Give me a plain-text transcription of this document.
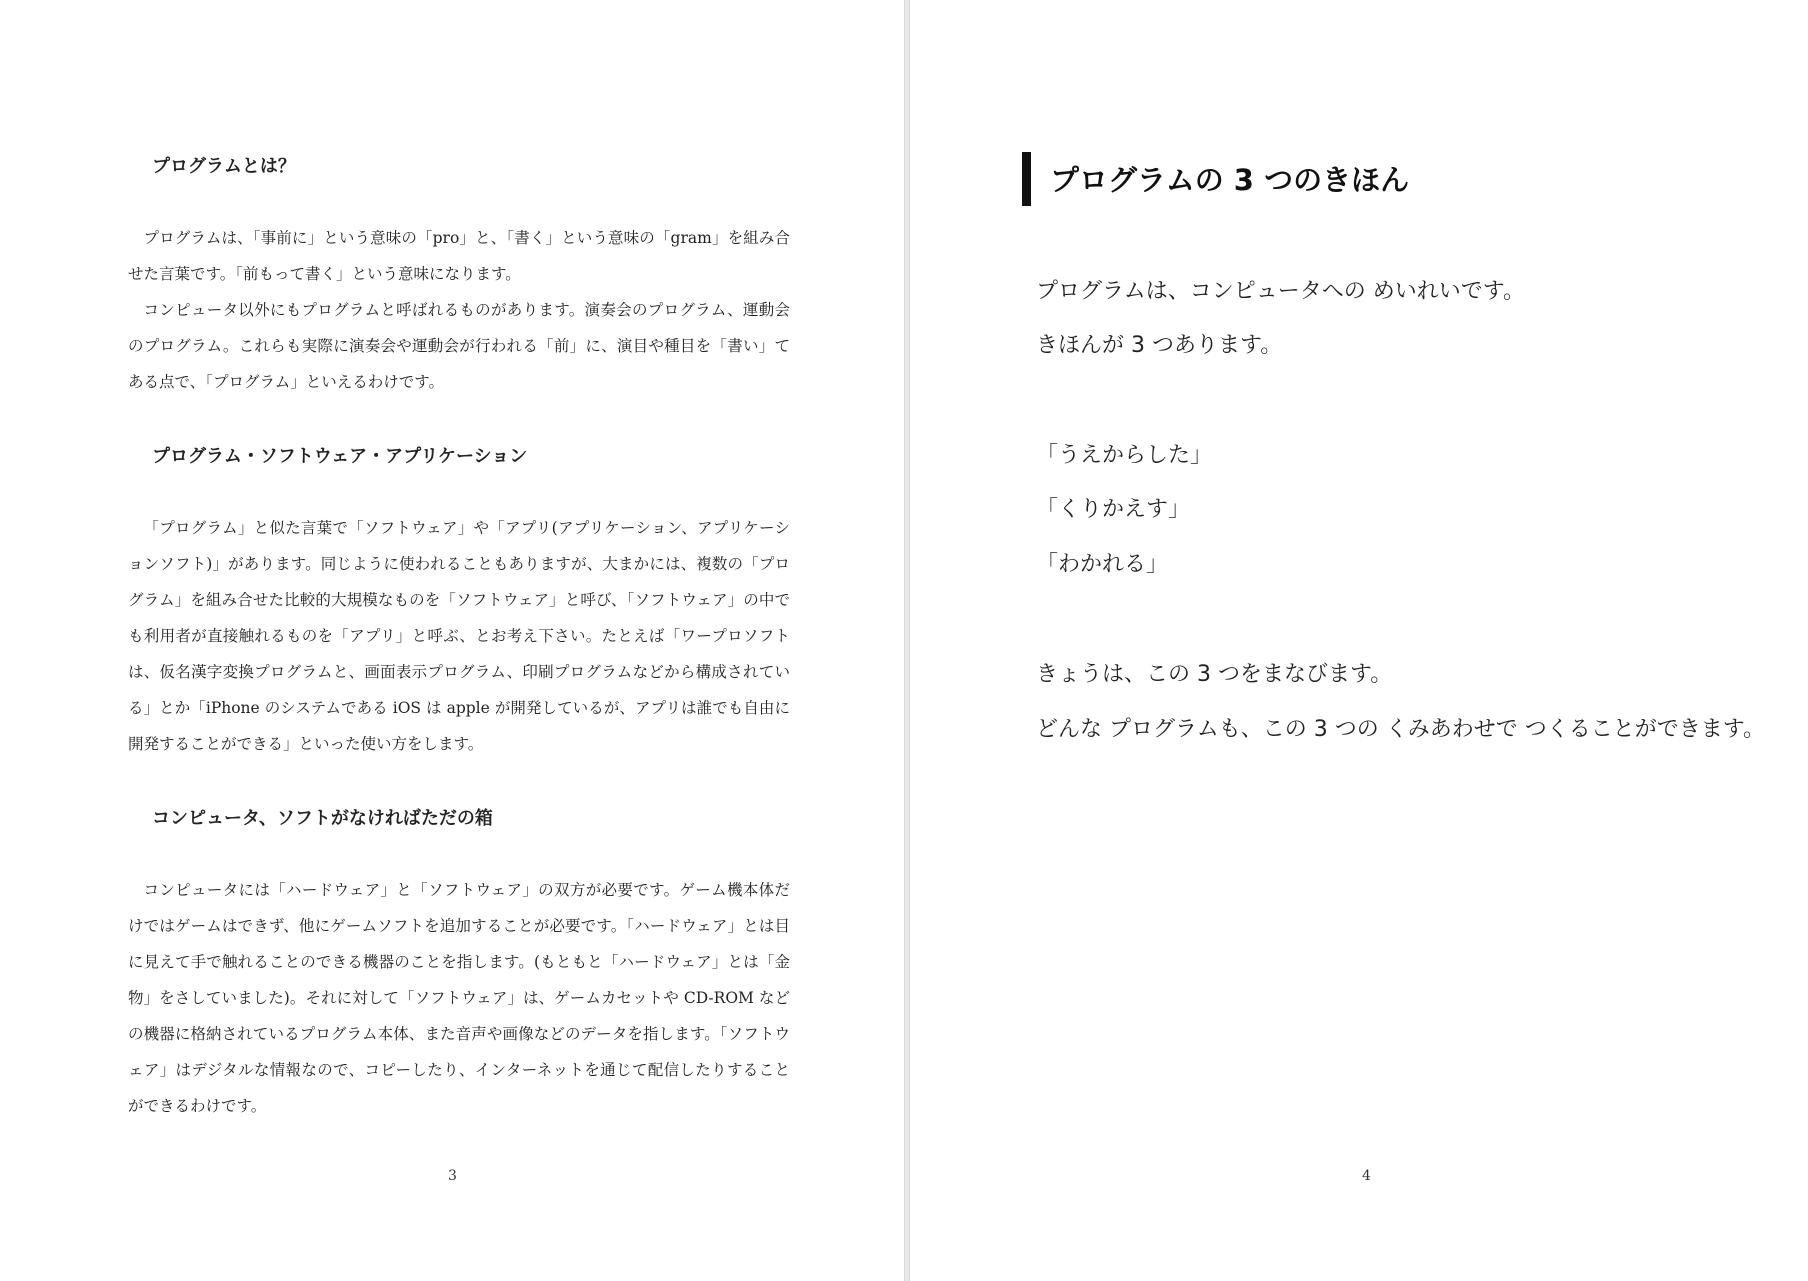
プログラムとは？

プログラムは、「事前に」という意味の「pro」と、「書く」という意味の「gram」を組み合せた言葉です。「前もって書く」という意味になります。

コンピュータ以外にもプログラムと呼ばれるものがあります。演奏会のプログラム、運動会のプログラム。これらも実際に演奏会や運動会が行われる「前」に、演目や種目を「書い」てある点で、「プログラム」といえるわけです。

プログラム・ソフトウェア・アプリケーション

「プログラム」と似た言葉で「ソフトウェア」や「アプリ(アプリケーション、アプリケーションソフト)」があります。同じように使われることもありますが、大まかには、複数の「プログラム」を組み合せた比較的大規模なものを「ソフトウェア」と呼び、「ソフトウェア」の中でも利用者が直接触れるものを「アプリ」と呼ぶ、とお考え下さい。たとえば「ワープロソフトは、仮名漢字変換プログラムと、画面表示プログラム、印刷プログラムなどから構成されている」とか「iPhone のシステムである iOS は apple が開発しているが、アプリは誰でも自由に開発することができる」といった使い方をします。

コンピュータ、ソフトがなければただの箱

コンピュータには「ハードウェア」と「ソフトウェア」の双方が必要です。ゲーム機本体だけではゲームはできず、他にゲームソフトを追加することが必要です。「ハードウェア」とは目に見えて手で触れることのできる機器のことを指します。(もともと「ハードウェア」とは「金物」をさしていました)。それに対して「ソフトウェア」は、ゲームカセットや CD-ROM などの機器に格納されているプログラム本体、また音声や画像などのデータを指します。「ソフトウェア」はデジタルな情報なので、コピーしたり、インターネットを通じて配信したりすることができるわけです。

3
プログラムの 3 つのきほん
プログラムは、コンピュータへの めいれいです。
きほんが 3 つあります。
「うえからした」
「くりかえす」
「わかれる」
きょうは、この 3 つをまなびます。
どんな プログラムも、この 3 つの くみあわせで つくることができます。
4
